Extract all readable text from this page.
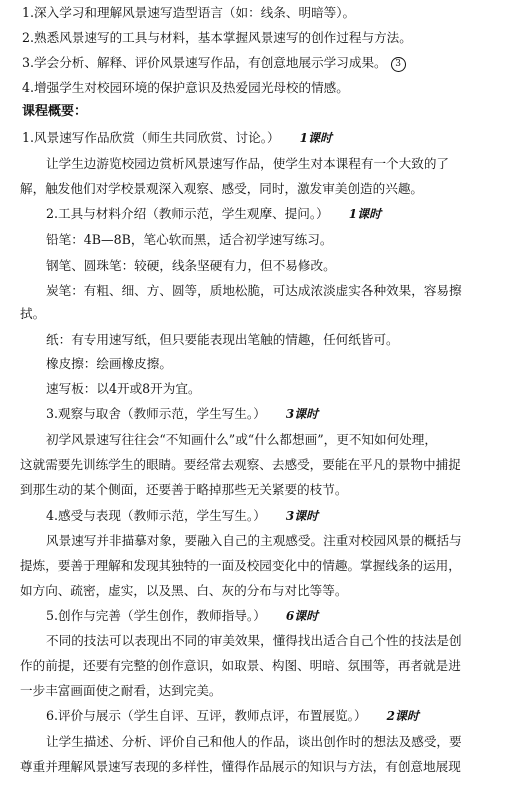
1.深入学习和理解风景速写造型语言（如：线条、明暗等）。
2.熟悉风景速写的工具与材料，基本掌握风景速写的创作过程与方法。
3.学会分析、解释、评价风景速写作品，有创意地展示学习成果。 3
4.增强学生对校园环境的保护意识及热爱园光母校的情感。
课程概要：
1.风景速写作品欣赏（师生共同欣赏、讨论。） 1课时
让学生边游览校园边赏析风景速写作品，使学生对本课程有一个大致的了
解，触发他们对学校景观深入观察、感受，同时，激发审美创造的兴趣。
2.工具与材料介绍（教师示范，学生观摩、提问。） 1课时
铅笔：4B—8B，笔心软而黑，适合初学速写练习。
钢笔、圆珠笔：较硬，线条坚硬有力，但不易修改。
炭笔：有粗、细、方、圆等，质地松脆，可达成浓淡虚实各种效果，容易擦
拭。
纸：有专用速写纸，但只要能表现出笔触的情趣，任何纸皆可。
橡皮擦：绘画橡皮擦。
速写板：以4开或8开为宜。
3.观察与取舍（教师示范，学生写生。） 3课时
初学风景速写往往会“不知画什么”或“什么都想画”，更不知如何处理，
这就需要先训练学生的眼睛。要经常去观察、去感受，要能在平凡的景物中捕捉
到那生动的某个侧面，还要善于略掉那些无关紧要的枝节。
4.感受与表现（教师示范，学生写生。） 3课时
风景速写并非描摹对象，要融入自己的主观感受。注重对校园风景的概括与
提炼，要善于理解和发现其独特的一面及校园变化中的情趣。掌握线条的运用，
如方向、疏密，虚实，以及黑、白、灰的分布与对比等等。
5.创作与完善（学生创作，教师指导。） 6课时
不同的技法可以表现出不同的审美效果，懂得找出适合自己个性的技法是创
作的前提，还要有完整的创作意识，如取景、构图、明暗、氛围等，再者就是进
一步丰富画面使之耐看，达到完美。
6.评价与展示（学生自评、互评，教师点评，布置展览。） 2课时
让学生描述、分析、评价自己和他人的作品，谈出创作时的想法及感受，要
尊重并理解风景速写表现的多样性，懂得作品展示的知识与方法，有创意地展现
